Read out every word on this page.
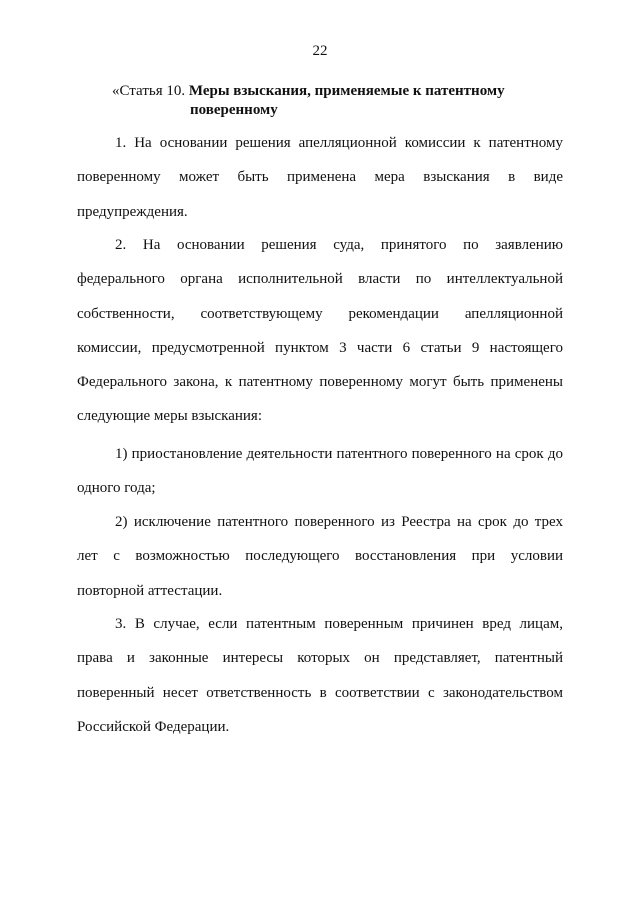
22
«Статья 10. Меры взыскания, применяемые к патентному
поверенному

1. На основании решения апелляционной комиссии к патентному поверенному может быть применена мера взыскания в виде предупреждения.

2. На основании решения суда, принятого по заявлению федерального органа исполнительной власти по интеллектуальной собственности, соответствующему рекомендации апелляционной комиссии, предусмотренной пунктом 3 части 6 статьи 9 настоящего Федерального закона, к патентному поверенному могут быть применены следующие меры взыскания:

1) приостановление деятельности патентного поверенного на срок до одного года;

2) исключение патентного поверенного из Реестра на срок до трех лет с возможностью последующего восстановления при условии повторной аттестации.

3. В случае, если патентным поверенным причинен вред лицам, права и законные интересы которых он представляет, патентный поверенный несет ответственность в соответствии с законодательством Российской Федерации.
